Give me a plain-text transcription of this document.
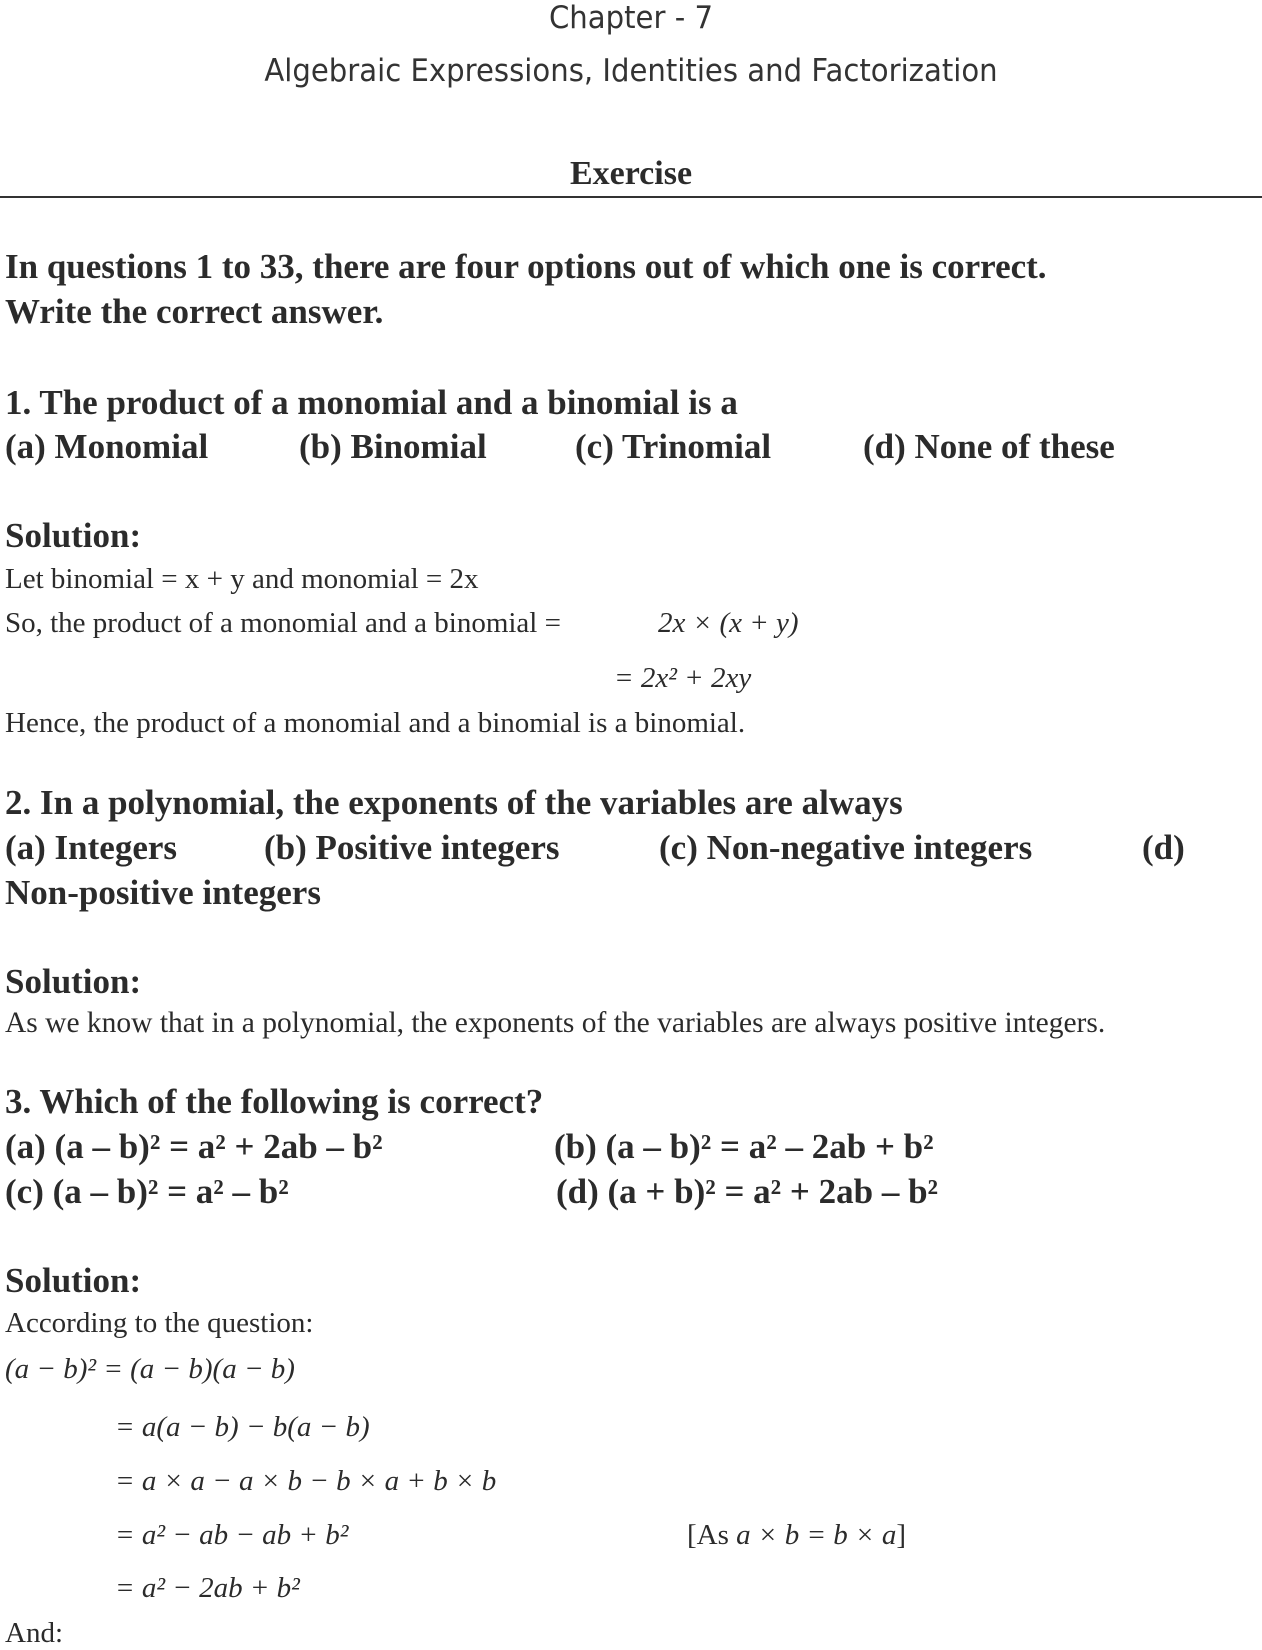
Chapter - 7
Algebraic Expressions, Identities and Factorization
Exercise
In questions 1 to 33, there are four options out of which one is correct.
Write the correct answer.
1. The product of a monomial and a binomial is a
(a) Monomial	(b) Binomial	(c) Trinomial	(d) None of these
Solution:
Let binomial = x + y and monomial = 2x
So, the product of a monomial and a binomial =	2x × (x + y)
= 2x² + 2xy
Hence, the product of a monomial and a binomial is a binomial.
2. In a polynomial, the exponents of the variables are always
(a) Integers (b) Positive integers	(c) Non-negative integers	(d)
Non-positive integers
Solution:
As we know that in a polynomial, the exponents of the variables are always positive integers.
3. Which of the following is correct?
(a) (a – b)² = a² + 2ab – b²	(b) (a – b)² = a² – 2ab + b²
(c) (a – b)² = a² – b²	(d) (a + b)² = a² + 2ab – b²
Solution:
According to the question:
(a − b)² = (a − b)(a − b)
= a(a − b) − b(a − b)
= a × a − a × b − b × a + b × b
= a² − ab − ab + b²	[As a × b = b × a]
= a² − 2ab + b²
And:
